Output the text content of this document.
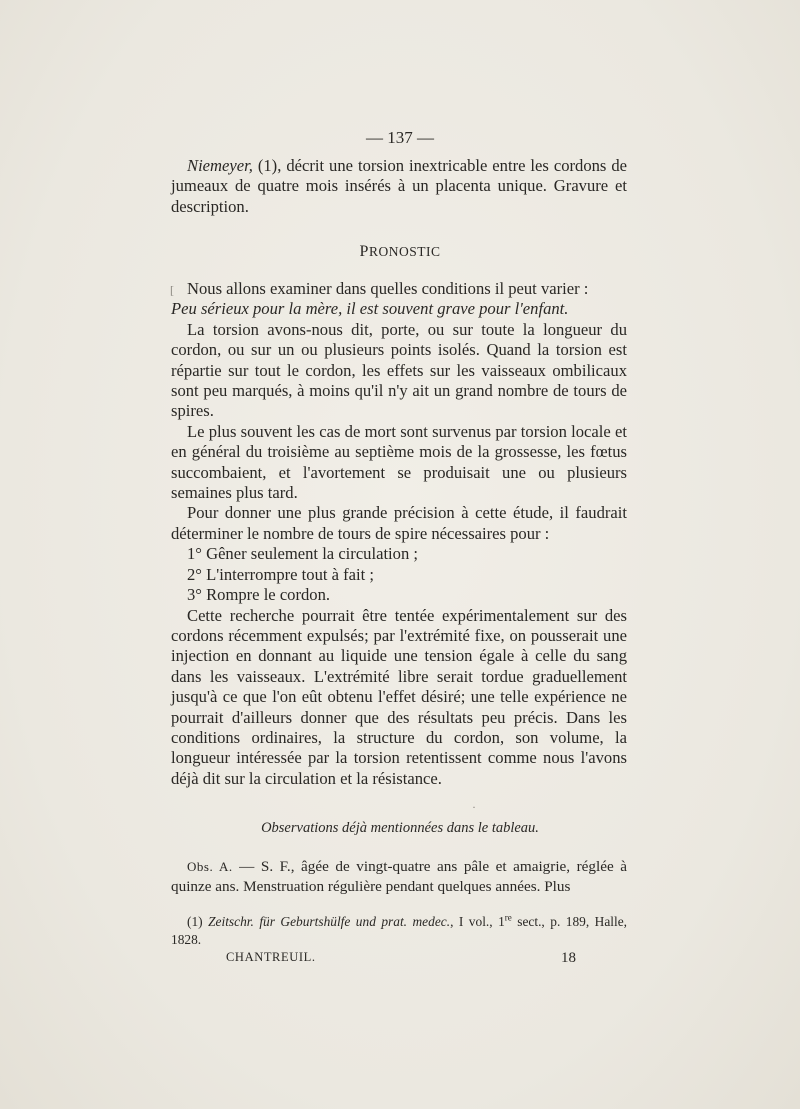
— 137 —

Niemeyer, (1), décrit une torsion inextricable entre les cordons de jumeaux de quatre mois insérés à un placenta unique. Gravure et description.

PRONOSTIC

Nous allons examiner dans quelles conditions il peut varier :

Peu sérieux pour la mère, il est souvent grave pour l'enfant.

La torsion avons-nous dit, porte, ou sur toute la longueur du cordon, ou sur un ou plusieurs points isolés. Quand la torsion est répartie sur tout le cordon, les effets sur les vaisseaux ombilicaux sont peu marqués, à moins qu'il n'y ait un grand nombre de tours de spires.

Le plus souvent les cas de mort sont survenus par torsion locale et en général du troisième au septième mois de la grossesse, les fœtus succombaient, et l'avortement se produisait une ou plusieurs semaines plus tard.

Pour donner une plus grande précision à cette étude, il faudrait déterminer le nombre de tours de spire nécessaires pour :

1° Gêner seulement la circulation ;

2° L'interrompre tout à fait ;

3° Rompre le cordon.

Cette recherche pourrait être tentée expérimentalement sur des cordons récemment expulsés; par l'extrémité fixe, on pousserait une injection en donnant au liquide une tension égale à celle du sang dans les vaisseaux. L'extrémité libre serait tordue graduellement jusqu'à ce que l'on eût obtenu l'effet désiré; une telle expérience ne pourrait d'ailleurs donner que des résultats peu précis. Dans les conditions ordinaires, la structure du cordon, son volume, la longueur intéressée par la torsion retentissent comme nous l'avons déjà dit sur la circulation et la résistance.

Observations déjà mentionnées dans le tableau.

Obs. A. — S. F., âgée de vingt-quatre ans pâle et amaigrie, réglée à quinze ans. Menstruation régulière pendant quelques années. Plus

(1) Zeitschr. für Geburtshülfe und prat. medec., I vol., 1re sect., p. 189, Halle, 1828.

CHANTREUIL.	18
[
·
